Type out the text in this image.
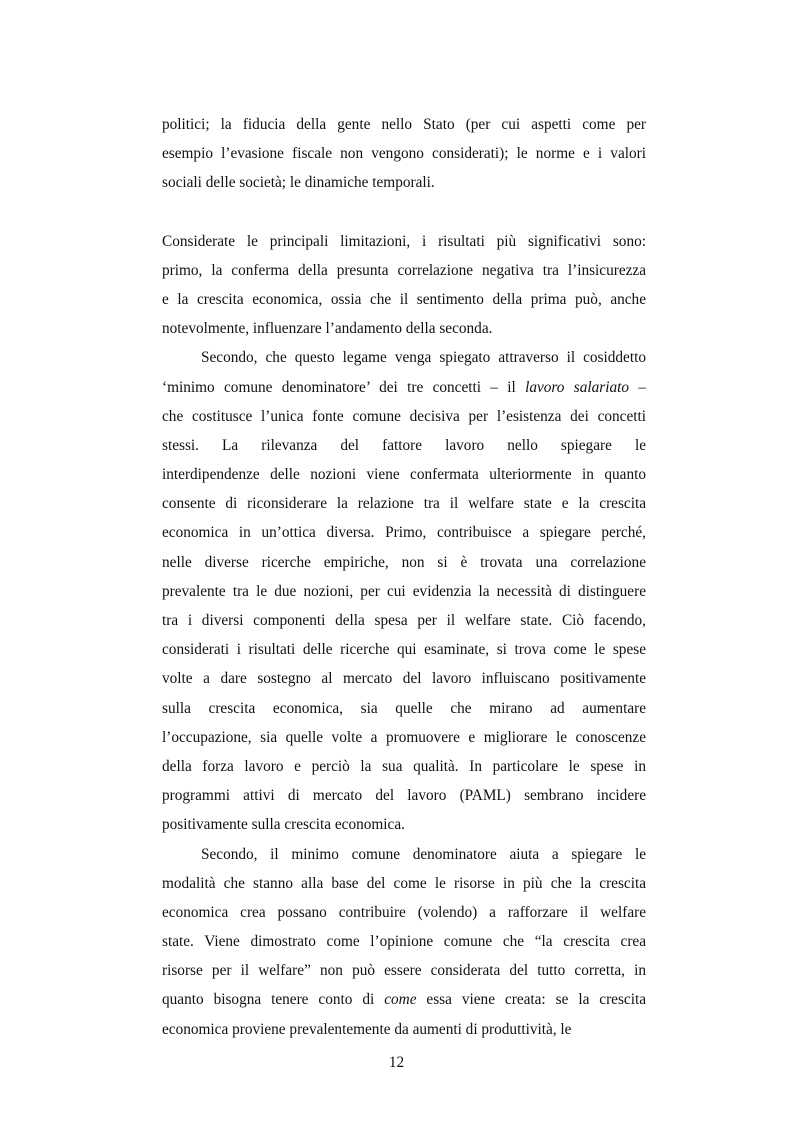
politici; la fiducia della gente nello Stato (per cui aspetti come per
esempio l’evasione fiscale non vengono considerati); le norme e i valori
sociali delle società; le dinamiche temporali.
Considerate le principali limitazioni, i risultati più significativi sono:
primo, la conferma della presunta correlazione negativa tra l’insicurezza
e la crescita economica, ossia che il sentimento della prima può, anche
notevolmente, influenzare l’andamento della seconda.
Secondo, che questo legame venga spiegato attraverso il cosiddetto
‘minimo comune denominatore’ dei tre concetti – il lavoro salariato –
che costitusce l’unica fonte comune decisiva per l’esistenza dei concetti
stessi. La rilevanza del fattore lavoro nello spiegare le
interdipendenze delle nozioni viene confermata ulteriormente in quanto
consente di riconsiderare la relazione tra il welfare state e la crescita
economica in un’ottica diversa. Primo, contribuisce a spiegare perché,
nelle diverse ricerche empiriche, non si è trovata una correlazione
prevalente tra le due nozioni, per cui evidenzia la necessità di distinguere
tra i diversi componenti della spesa per il welfare state. Ciò facendo,
considerati i risultati delle ricerche qui esaminate, si trova come le spese
volte a dare sostegno al mercato del lavoro influiscano positivamente
sulla crescita economica, sia quelle che mirano ad aumentare
l’occupazione, sia quelle volte a promuovere e migliorare le conoscenze
della forza lavoro e perciò la sua qualità. In particolare le spese in
programmi attivi di mercato del lavoro (PAML) sembrano incidere
positivamente sulla crescita economica.
Secondo, il minimo comune denominatore aiuta a spiegare le
modalità che stanno alla base del come le risorse in più che la crescita
economica crea possano contribuire (volendo) a rafforzare il welfare
state. Viene dimostrato come l’opinione comune che “la crescita crea
risorse per il welfare” non può essere considerata del tutto corretta, in
quanto bisogna tenere conto di come essa viene creata: se la crescita
economica proviene prevalentemente da aumenti di produttività, le
12
